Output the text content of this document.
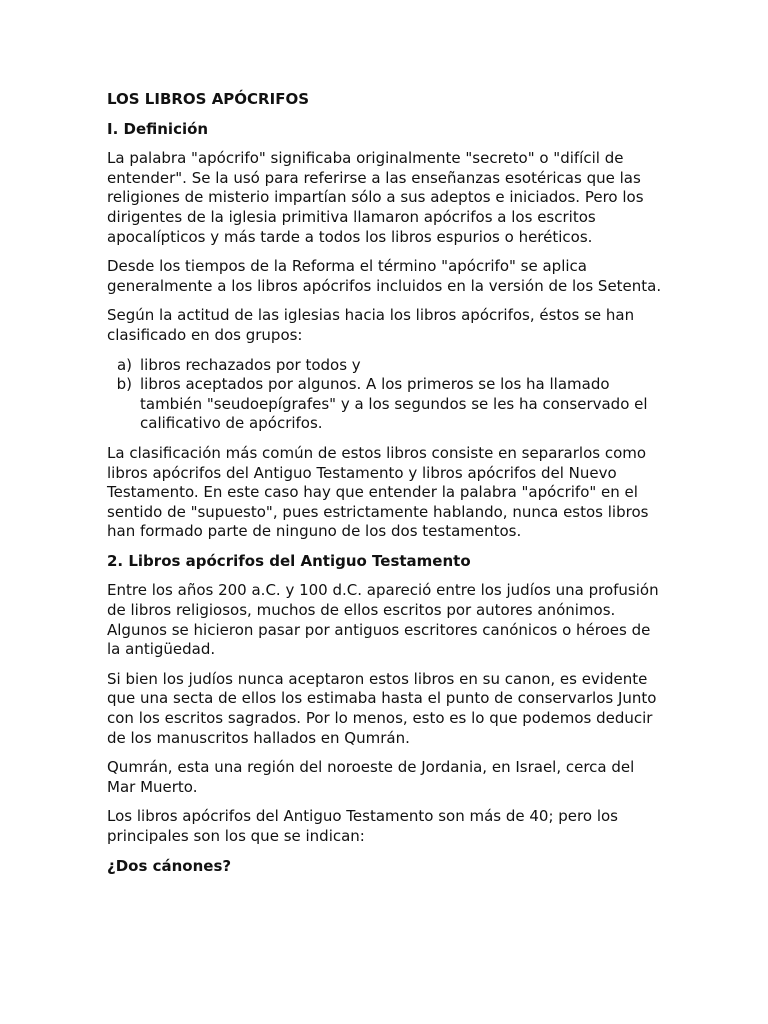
LOS LIBROS APÓCRIFOS
I. Definición

La palabra "apócrifo" significaba originalmente "secreto" o "difícil de entender". Se la usó para referirse a las enseñanzas esotéricas que las religiones de misterio impartían sólo a sus adeptos e iniciados. Pero los dirigentes de la iglesia primitiva llamaron apócrifos a los escritos apocalípticos y más tarde a todos los libros espurios o heréticos.

Desde los tiempos de la Reforma el término "apócrifo" se aplica generalmente a los libros apócrifos incluidos en la versión de los Setenta.

Según la actitud de las iglesias hacia los libros apócrifos, éstos se han clasificado en dos grupos:

a) libros rechazados por todos y
b) libros aceptados por algunos. A los primeros se los ha llamado también "seudoepígrafes" y a los segundos se les ha conservado el calificativo de apócrifos.

La clasificación más común de estos libros consiste en separarlos como libros apócrifos del Antiguo Testamento y libros apócrifos del Nuevo Testamento. En este caso hay que entender la palabra "apócrifo" en el sentido de "supuesto", pues estrictamente hablando, nunca estos libros han formado parte de ninguno de los dos testamentos.

2. Libros apócrifos del Antiguo Testamento

Entre los años 200 a.C. y 100 d.C. apareció entre los judíos una profusión de libros religiosos, muchos de ellos escritos por autores anónimos. Algunos se hicieron pasar por antiguos escritores canónicos o héroes de la antigüedad.

Si bien los judíos nunca aceptaron estos libros en su canon, es evidente que una secta de ellos los estimaba hasta el punto de conservarlos Junto con los escritos sagrados. Por lo menos, esto es lo que podemos deducir de los manuscritos hallados en Qumrán.

Qumrán, esta una región del noroeste de Jordania, en Israel, cerca del Mar Muerto.

Los libros apócrifos del Antiguo Testamento son más de 40; pero los principales son los que se indican:

¿Dos cánones?
